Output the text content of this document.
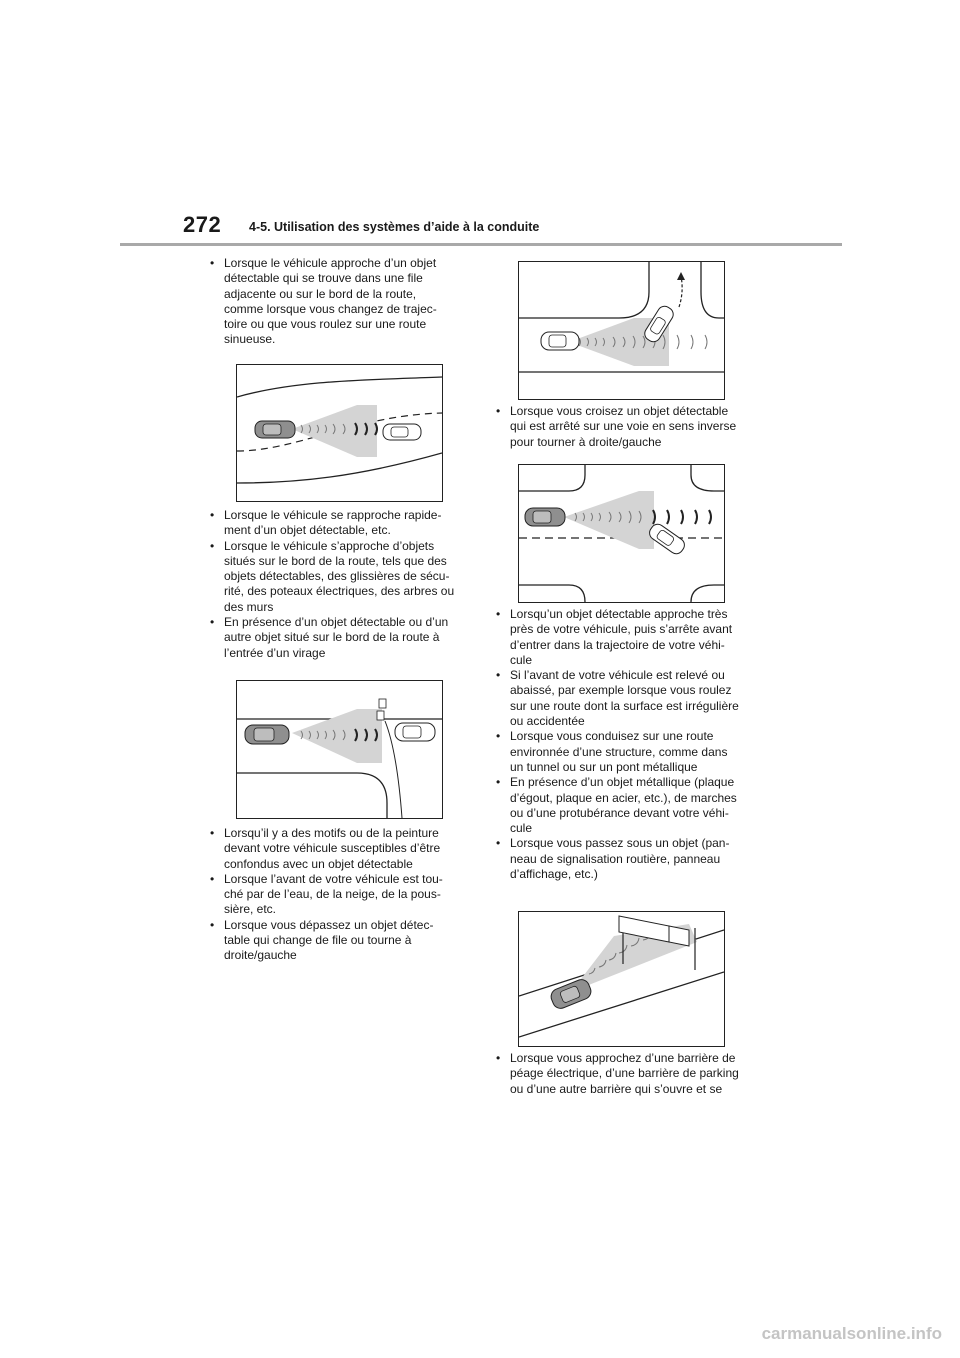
272 4-5. Utilisation des systèmes d’aide à la conduite
• Lorsque le véhicule approche d’un objet détectable qui se trouve dans une file adjacente ou sur le bord de la route, comme lorsque vous changez de trajec-toire ou que vous roulez sur une route sinueuse.
• Lorsque le véhicule se rapproche rapide-ment d’un objet détectable, etc.
• Lorsque le véhicule s’approche d’objets situés sur le bord de la route, tels que des objets détectables, des glissières de sécu-rité, des poteaux électriques, des arbres ou des murs
• En présence d’un objet détectable ou d’un autre objet situé sur le bord de la route à l’entrée d’un virage
• Lorsqu’il y a des motifs ou de la peinture devant votre véhicule susceptibles d’être confondus avec un objet détectable
• Lorsque l’avant de votre véhicule est tou-ché par de l’eau, de la neige, de la pous-sière, etc.
• Lorsque vous dépassez un objet détec-table qui change de file ou tourne à droite/gauche
• Lorsque vous croisez un objet détectable qui est arrêté sur une voie en sens inverse pour tourner à droite/gauche
• Lorsqu’un objet détectable approche très près de votre véhicule, puis s’arrête avant d’entrer dans la trajectoire de votre véhi-cule
• Si l’avant de votre véhicule est relevé ou abaissé, par exemple lorsque vous roulez sur une route dont la surface est irrégulière ou accidentée
• Lorsque vous conduisez sur une route environnée d’une structure, comme dans un tunnel ou sur un pont métallique
• En présence d’un objet métallique (plaque d’égout, plaque en acier, etc.), de marches ou d’une protubérance devant votre véhi-cule
• Lorsque vous passez sous un objet (pan-neau de signalisation routière, panneau d’affichage, etc.)
• Lorsque vous approchez d’une barrière de péage électrique, d’une barrière de parking ou d’une autre barrière qui s’ouvre et se
carmanualsonline.info
